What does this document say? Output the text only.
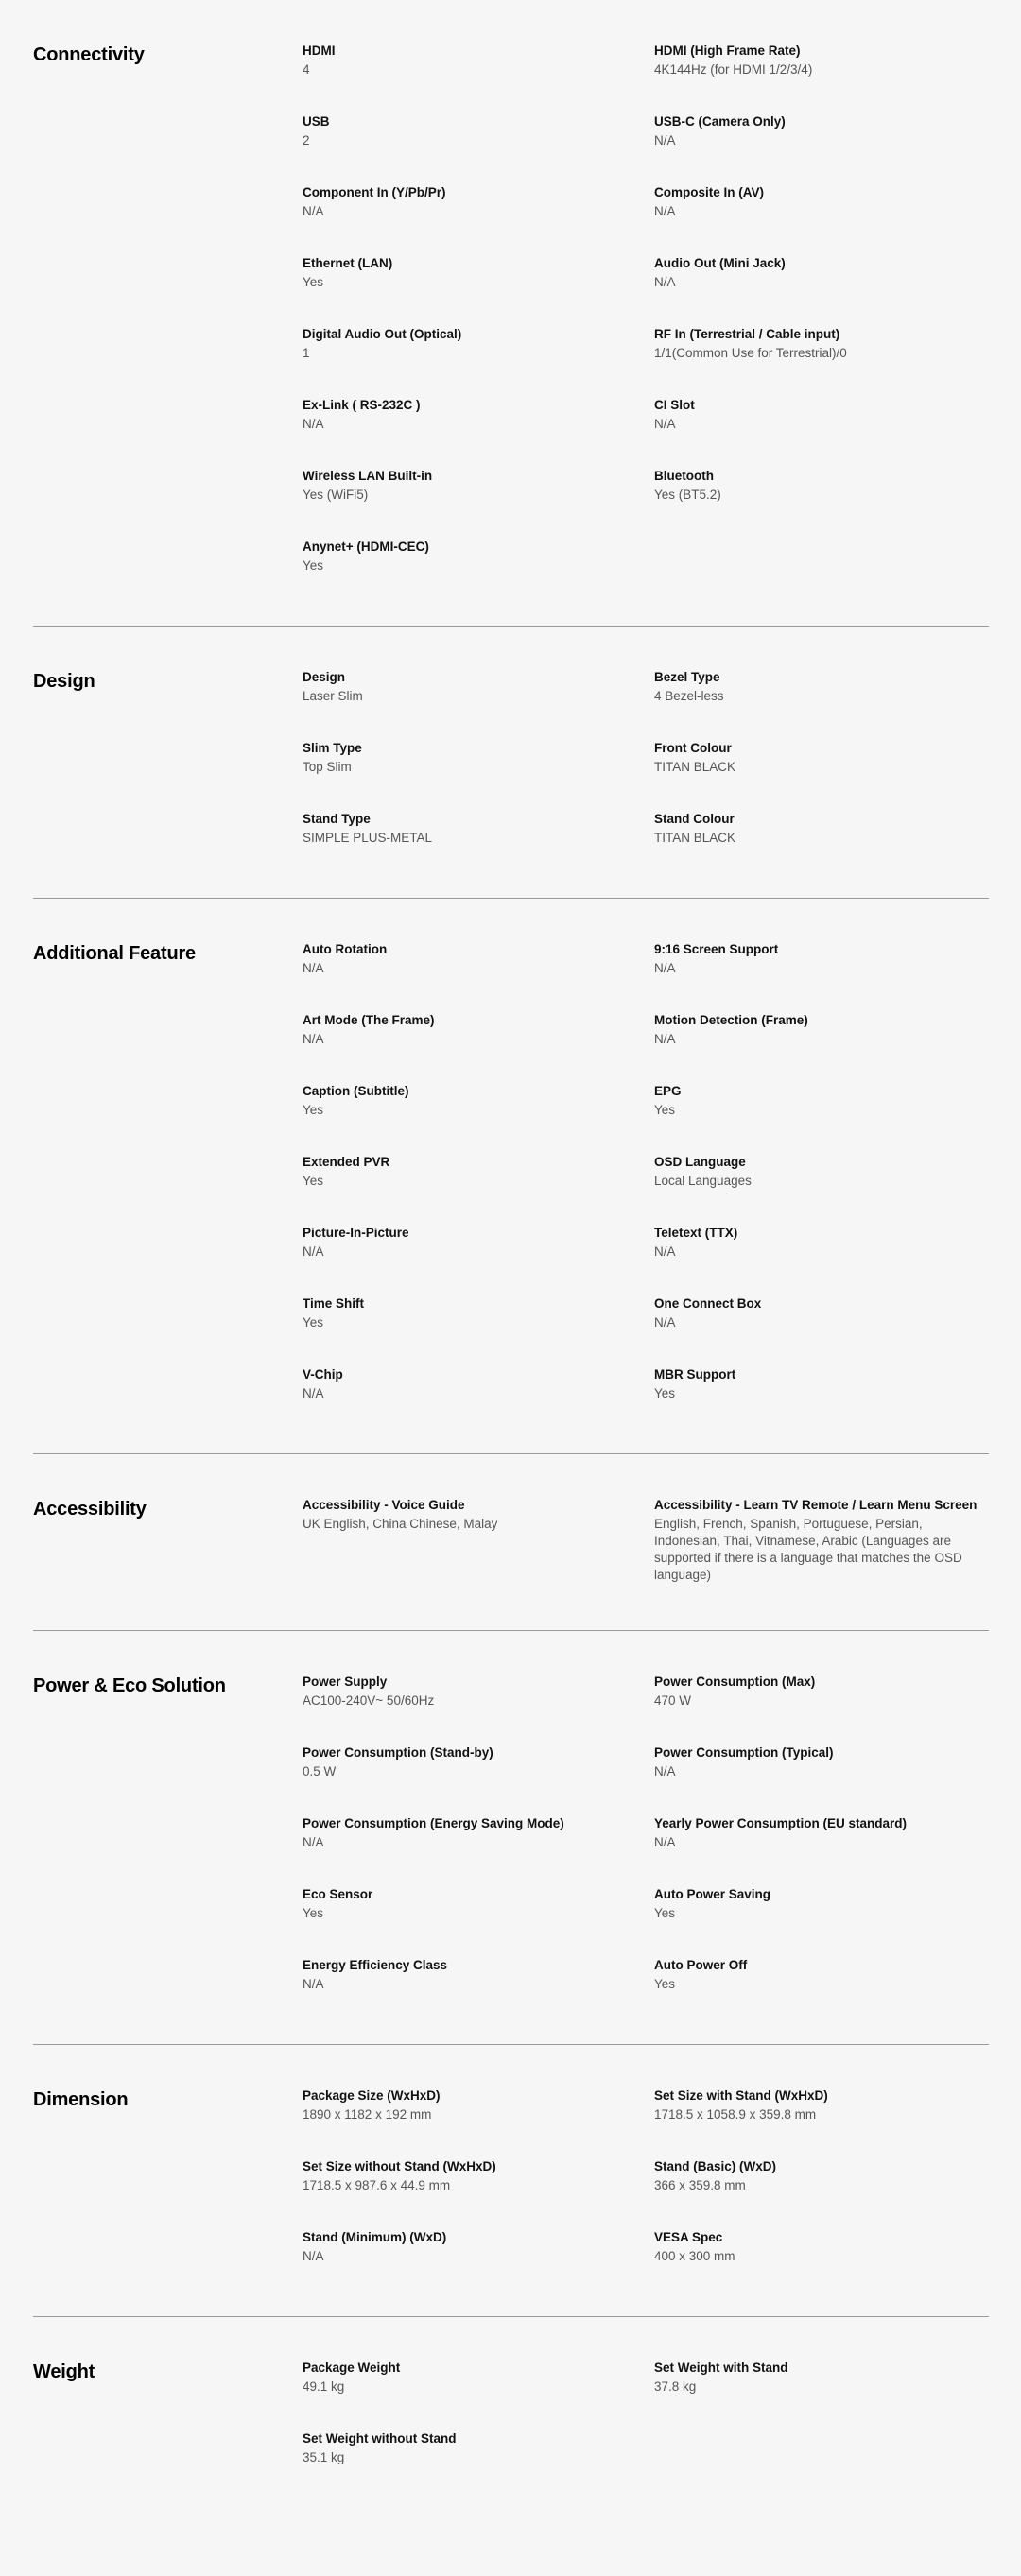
Connectivity	HDMI
4
HDMI (High Frame Rate)
4K144Hz (for HDMI 1/2/3/4)
USB
2
USB-C (Camera Only)
N/A
Component In (Y/Pb/Pr)
N/A
Composite In (AV)
N/A
Ethernet (LAN)
Yes
Audio Out (Mini Jack)
N/A
Digital Audio Out (Optical)
1
RF In (Terrestrial / Cable input)
1/1(Common Use for Terrestrial)/0
Ex-Link ( RS-232C )
N/A
CI Slot
N/A
Wireless LAN Built-in
Yes (WiFi5)
Bluetooth
Yes (BT5.2)
Anynet+ (HDMI-CEC)
Yes
Design	Design
Laser Slim
Bezel Type
4 Bezel-less
Slim Type
Top Slim
Front Colour
TITAN BLACK
Stand Type
SIMPLE PLUS-METAL
Stand Colour
TITAN BLACK
Additional Feature	Auto Rotation
N/A
9:16 Screen Support
N/A
Art Mode (The Frame)
N/A
Motion Detection (Frame)
N/A
Caption (Subtitle)
Yes
EPG
Yes
Extended PVR
Yes
OSD Language
Local Languages
Picture-In-Picture
N/A
Teletext (TTX)
N/A
Time Shift
Yes
One Connect Box
N/A
V-Chip
N/A
MBR Support
Yes
Accessibility	Accessibility - Voice Guide
UK English, China Chinese, Malay
Accessibility - Learn TV Remote / Learn Menu Screen
English, French, Spanish, Portuguese, Persian, Indonesian, Thai, Vitnamese, Arabic (Languages are supported if there is a language that matches the OSD language)
Power & Eco Solution	Power Supply
AC100-240V~ 50/60Hz
Power Consumption (Max)
470 W
Power Consumption (Stand-by)
0.5 W
Power Consumption (Typical)
N/A
Power Consumption (Energy Saving Mode)
N/A
Yearly Power Consumption (EU standard)
N/A
Eco Sensor
Yes
Auto Power Saving
Yes
Energy Efficiency Class
N/A
Auto Power Off
Yes
Dimension	Package Size (WxHxD)
1890 x 1182 x 192 mm
Set Size with Stand (WxHxD)
1718.5 x 1058.9 x 359.8 mm
Set Size without Stand (WxHxD)
1718.5 x 987.6 x 44.9 mm
Stand (Basic) (WxD)
366 x 359.8 mm
Stand (Minimum) (WxD)
N/A
VESA Spec
400 x 300 mm
Weight	Package Weight
49.1 kg
Set Weight with Stand
37.8 kg
Set Weight without Stand
35.1 kg
